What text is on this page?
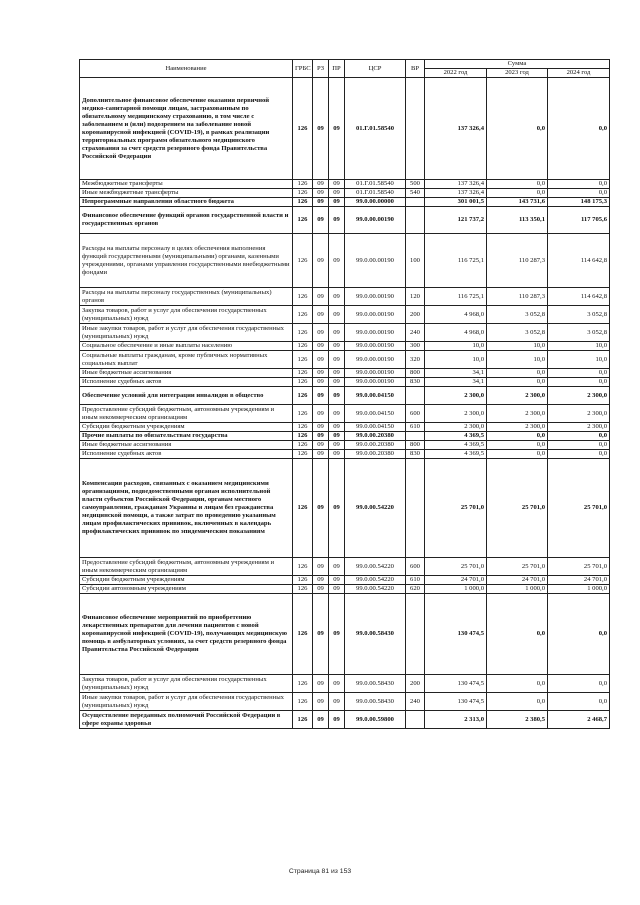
Наименование	ГРБС	РЗ	ПР	ЦСР	ВР	Сумма		
						2022 год	2023 год	2024 год
Дополнительное финансовое обеспечение оказания первичной медико-санитарной помощи лицам, застрахованным по обязательному медицинскому страхованию, в том числе с заболеванием и (или) подозрением на заболевание новой коронавирусной инфекцией (COVID-19), в рамках реализации территориальных программ обязательного медицинского страхования за счет средств резервного фонда Правительства Российской Федерации	126	09	09	01.Г.01.58540		137 326,4	0,0	0,0
Межбюджетные трансферты	126	09	09	01.Г.01.58540	500	137 326,4	0,0	0,0
Иные межбюджетные трансферты	126	09	09	01.Г.01.58540	540	137 326,4	0,0	0,0
Непрограммные направления областного бюджета	126	09	09	99.0.00.00000		301 001,5	143 731,6	148 175,3
Финансовое обеспечение функций органов государственной власти и государственных органов	126	09	09	99.0.00.00190		121 737,2	113 350,1	117 705,6
Расходы на выплаты персоналу в целях обеспечения выполнения функций государственными (муниципальными) органами, казенными учреждениями, органами управления государственными внебюджетными фондами	126	09	09	99.0.00.00190	100	116 725,1	110 287,3	114 642,8
Расходы на выплаты персоналу государственных (муниципальных) органов	126	09	09	99.0.00.00190	120	116 725,1	110 287,3	114 642,8
Закупка товаров, работ и услуг для обеспечения государственных (муниципальных) нужд	126	09	09	99.0.00.00190	200	4 968,0	3 052,8	3 052,8
Иные закупки товаров, работ и услуг для обеспечения государственных (муниципальных) нужд	126	09	09	99.0.00.00190	240	4 968,0	3 052,8	3 052,8
Социальное обеспечение и иные выплаты населению	126	09	09	99.0.00.00190	300	10,0	10,0	10,0
Социальные выплаты гражданам, кроме публичных нормативных социальных выплат	126	09	09	99.0.00.00190	320	10,0	10,0	10,0
Иные бюджетные ассигнования	126	09	09	99.0.00.00190	800	34,1	0,0	0,0
Исполнение судебных актов	126	09	09	99.0.00.00190	830	34,1	0,0	0,0
Обеспечение условий для интеграции инвалидов в общество	126	09	09	99.0.00.04150		2 300,0	2 300,0	2 300,0
Предоставление субсидий бюджетным, автономным учреждениям и иным некоммерческим организациям	126	09	09	99.0.00.04150	600	2 300,0	2 300,0	2 300,0
Субсидии бюджетным учреждениям	126	09	09	99.0.00.04150	610	2 300,0	2 300,0	2 300,0
Прочие выплаты по обязательствам государства	126	09	09	99.0.00.20380		4 369,5	0,0	0,0
Иные бюджетные ассигнования	126	09	09	99.0.00.20380	800	4 369,5	0,0	0,0
Исполнение судебных актов	126	09	09	99.0.00.20380	830	4 369,5	0,0	0,0
Компенсация расходов, связанных с оказанием медицинскими организациями, подведомственными органам исполнительной власти субъектов Российской Федерации, органам местного самоуправления, гражданам Украины и лицам без гражданства медицинской помощи, а также затрат по проведению указанным лицам профилактических прививок, включенных в календарь профилактических прививок по эпидемическим показаниям	126	09	09	99.0.00.54220		25 701,0	25 701,0	25 701,0
Предоставление субсидий бюджетным, автономным учреждениям и иным некоммерческим организациям	126	09	09	99.0.00.54220	600	25 701,0	25 701,0	25 701,0
Субсидии бюджетным учреждениям	126	09	09	99.0.00.54220	610	24 701,0	24 701,0	24 701,0
Субсидии автономным учреждениям	126	09	09	99.0.00.54220	620	1 000,0	1 000,0	1 000,0
Финансовое обеспечение мероприятий по приобретению лекарственных препаратов для лечения пациентов с новой коронавирусной инфекцией (COVID-19), получающих медицинскую помощь в амбулаторных условиях, за счет средств резервного фонда Правительства Российской Федерации	126	09	09	99.0.00.58430		130 474,5	0,0	0,0
Закупка товаров, работ и услуг для обеспечения государственных (муниципальных) нужд	126	09	09	99.0.00.58430	200	130 474,5	0,0	0,0
Иные закупки товаров, работ и услуг для обеспечения государственных (муниципальных) нужд	126	09	09	99.0.00.58430	240	130 474,5	0,0	0,0
Осуществление переданных полномочий Российской Федерации в сфере охраны здоровья	126	09	09	99.0.00.59800		2 313,0	2 380,5	2 468,7
Страница 81 из 153
